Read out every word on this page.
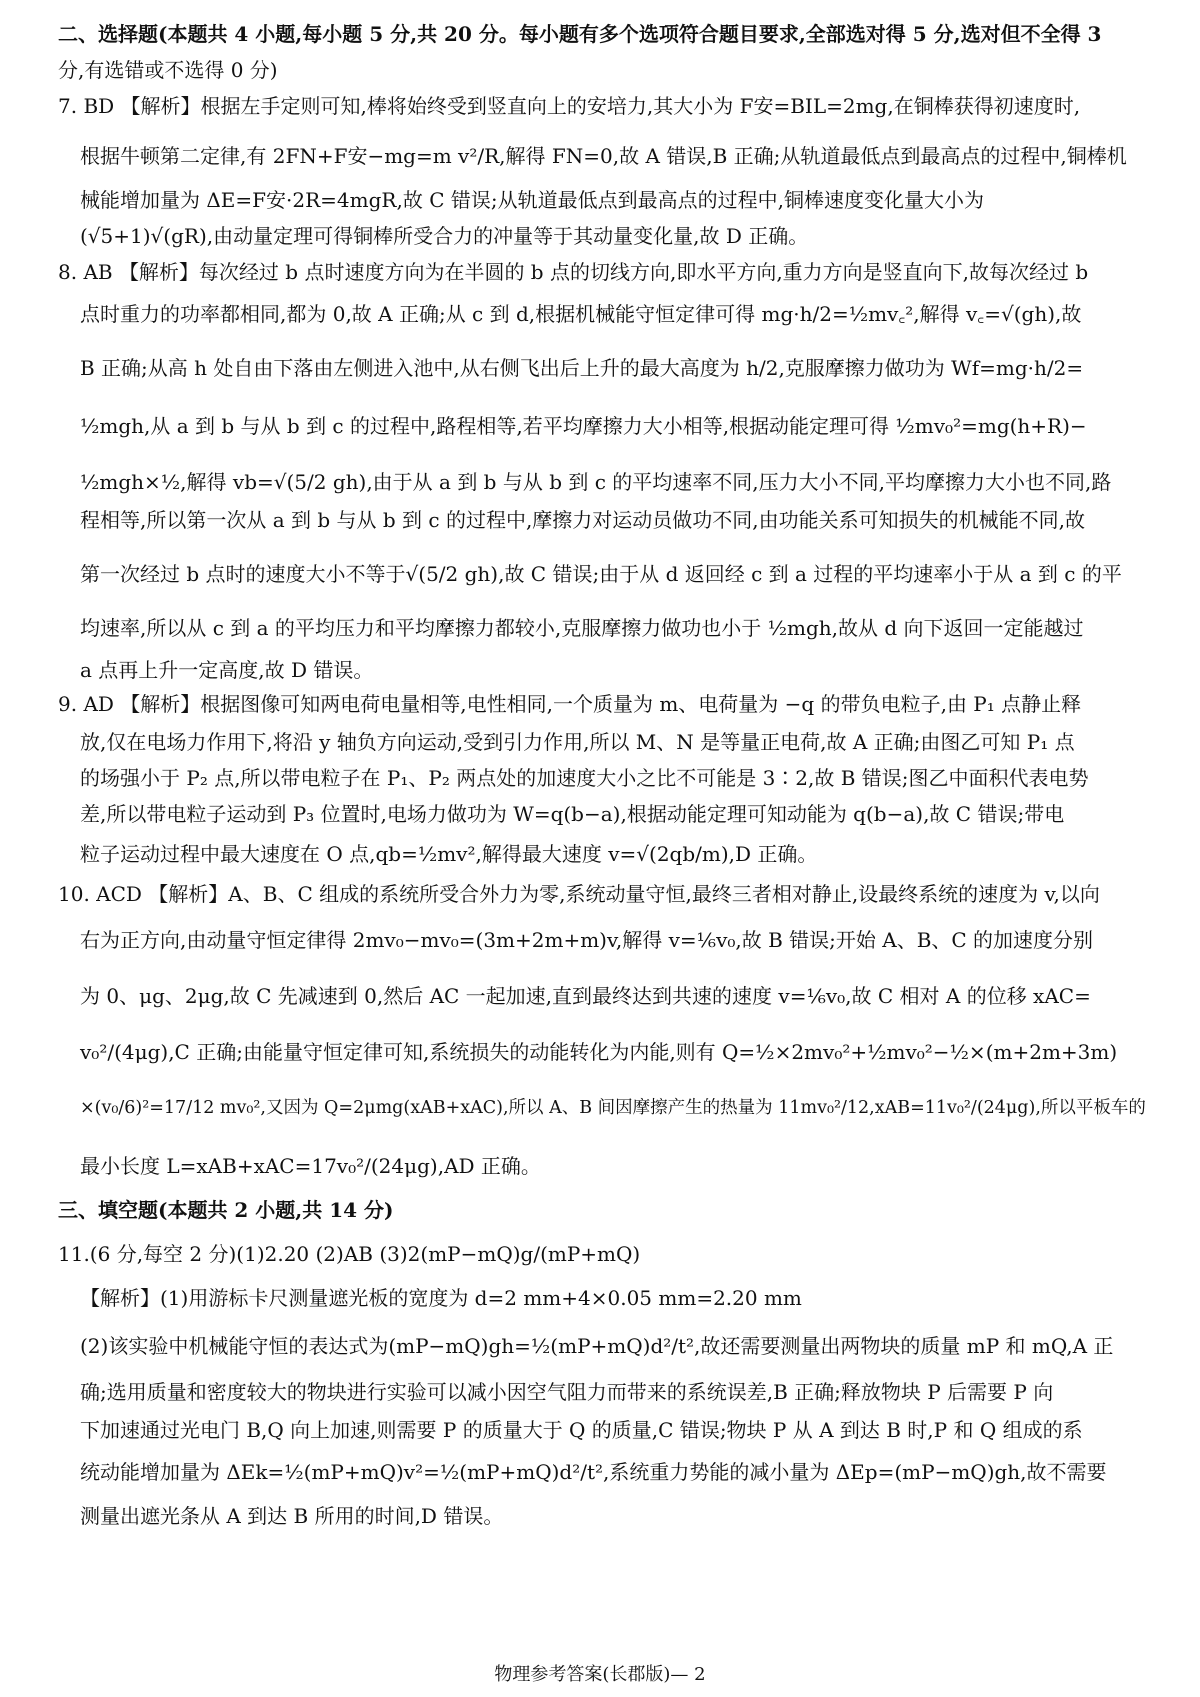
二、选择题(本题共 4 小题,每小题 5 分,共 20 分。每小题有多个选项符合题目要求,全部选对得 5 分,选对但不全得 3
分,有选错或不选得 0 分)
7. BD 【解析】根据左手定则可知,棒将始终受到竖直向上的安培力,其大小为 F安=BIL=2mg,在铜棒获得初速度时,
根据牛顿第二定律,有 2FN+F安−mg=m v²/R,解得 FN=0,故 A 错误,B 正确;从轨道最低点到最高点的过程中,铜棒机
械能增加量为 ΔE=F安·2R=4mgR,故 C 错误;从轨道最低点到最高点的过程中,铜棒速度变化量大小为
(√5+1)√(gR),由动量定理可得铜棒所受合力的冲量等于其动量变化量,故 D 正确。
8. AB 【解析】每次经过 b 点时速度方向为在半圆的 b 点的切线方向,即水平方向,重力方向是竖直向下,故每次经过 b
点时重力的功率都相同,都为 0,故 A 正确;从 c 到 d,根据机械能守恒定律可得 mg·h/2=½mv꜀²,解得 v꜀=√(gh),故
B 正确;从高 h 处自由下落由左侧进入池中,从右侧飞出后上升的最大高度为 h/2,克服摩擦力做功为 Wf=mg·h/2=
½mgh,从 a 到 b 与从 b 到 c 的过程中,路程相等,若平均摩擦力大小相等,根据动能定理可得 ½mv₀²=mg(h+R)−
½mgh×½,解得 vb=√(5/2 gh),由于从 a 到 b 与从 b 到 c 的平均速率不同,压力大小不同,平均摩擦力大小也不同,路
程相等,所以第一次从 a 到 b 与从 b 到 c 的过程中,摩擦力对运动员做功不同,由功能关系可知损失的机械能不同,故
第一次经过 b 点时的速度大小不等于√(5/2 gh),故 C 错误;由于从 d 返回经 c 到 a 过程的平均速率小于从 a 到 c 的平
均速率,所以从 c 到 a 的平均压力和平均摩擦力都较小,克服摩擦力做功也小于 ½mgh,故从 d 向下返回一定能越过
a 点再上升一定高度,故 D 错误。
9. AD 【解析】根据图像可知两电荷电量相等,电性相同,一个质量为 m、电荷量为 −q 的带负电粒子,由 P₁ 点静止释
放,仅在电场力作用下,将沿 y 轴负方向运动,受到引力作用,所以 M、N 是等量正电荷,故 A 正确;由图乙可知 P₁ 点
的场强小于 P₂ 点,所以带电粒子在 P₁、P₂ 两点处的加速度大小之比不可能是 3∶2,故 B 错误;图乙中面积代表电势
差,所以带电粒子运动到 P₃ 位置时,电场力做功为 W=q(b−a),根据动能定理可知动能为 q(b−a),故 C 错误;带电
粒子运动过程中最大速度在 O 点,qb=½mv²,解得最大速度 v=√(2qb/m),D 正确。
10. ACD 【解析】A、B、C 组成的系统所受合外力为零,系统动量守恒,最终三者相对静止,设最终系统的速度为 v,以向
右为正方向,由动量守恒定律得 2mv₀−mv₀=(3m+2m+m)v,解得 v=⅙v₀,故 B 错误;开始 A、B、C 的加速度分别
为 0、μg、2μg,故 C 先减速到 0,然后 AC 一起加速,直到最终达到共速的速度 v=⅙v₀,故 C 相对 A 的位移 xAC=
v₀²/(4μg),C 正确;由能量守恒定律可知,系统损失的动能转化为内能,则有 Q=½×2mv₀²+½mv₀²−½×(m+2m+3m)
×(v₀/6)²=17/12 mv₀²,又因为 Q=2μmg(xAB+xAC),所以 A、B 间因摩擦产生的热量为 11mv₀²/12,xAB=11v₀²/(24μg),所以平板车的
最小长度 L=xAB+xAC=17v₀²/(24μg),AD 正确。
三、填空题(本题共 2 小题,共 14 分)
11.(6 分,每空 2 分)(1)2.20 (2)AB (3)2(mP−mQ)g/(mP+mQ)
【解析】(1)用游标卡尺测量遮光板的宽度为 d=2 mm+4×0.05 mm=2.20 mm
(2)该实验中机械能守恒的表达式为(mP−mQ)gh=½(mP+mQ)d²/t²,故还需要测量出两物块的质量 mP 和 mQ,A 正
确;选用质量和密度较大的物块进行实验可以减小因空气阻力而带来的系统误差,B 正确;释放物块 P 后需要 P 向
下加速通过光电门 B,Q 向上加速,则需要 P 的质量大于 Q 的质量,C 错误;物块 P 从 A 到达 B 时,P 和 Q 组成的系
统动能增加量为 ΔEk=½(mP+mQ)v²=½(mP+mQ)d²/t²,系统重力势能的减小量为 ΔEp=(mP−mQ)gh,故不需要
测量出遮光条从 A 到达 B 所用的时间,D 错误。
物理参考答案(长郡版)— 2
